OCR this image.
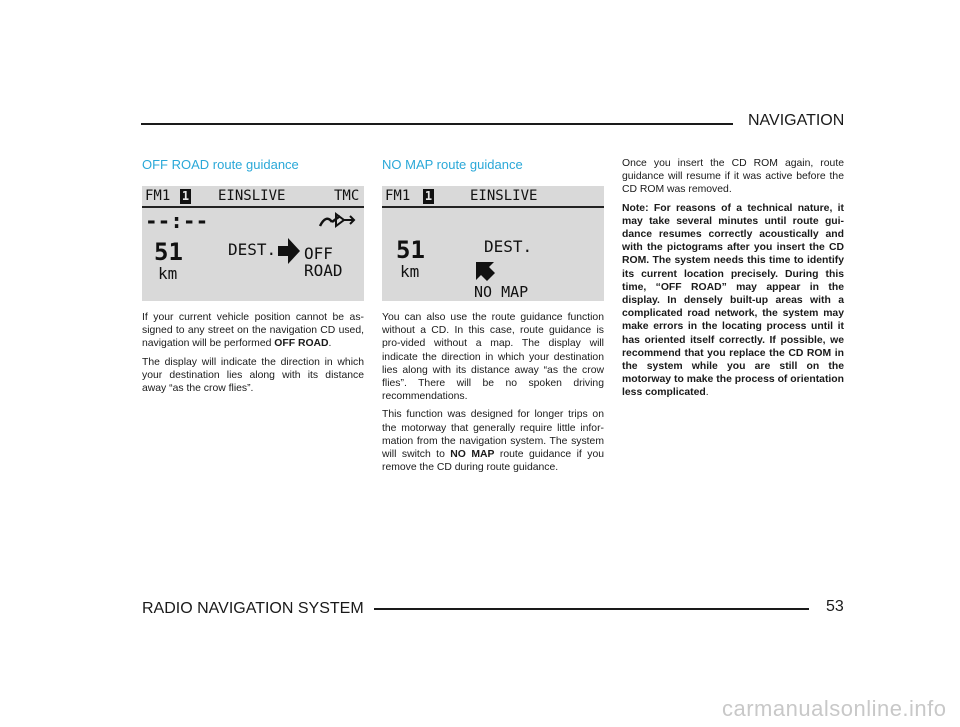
NAVIGATION
OFF ROAD route guidance
FM1 1 EINSLIVE	TMC
--:--
51
km
DEST. OFF
ROAD

If your current vehicle position cannot be as-signed to any street on the navigation CD used, navigation will be performed OFF ROAD.

The display will indicate the direction in which your destination lies along with its distance away “as the crow flies”.

NO MAP route guidance
FM1 1	EINSLIVE
51
km
DEST.
NO MAP

You can also use the route guidance function without a CD. In this case, route guidance is pro-vided without a map. The display will indicate the direction in which your destination lies along with its distance away “as the crow flies”. There will be no spoken driving recommendations.

This function was designed for longer trips on the motorway that generally require little infor-mation from the navigation system. The system will switch to NO MAP route guidance if you remove the CD during route guidance.

Once you insert the CD ROM again, route guidance will resume if it was active before the CD ROM was removed.

Note: For reasons of a technical nature, it may take several minutes until route gui-dance resumes correctly acoustically and with the pictograms after you insert the CD ROM. The system needs this time to identify its current location precisely. During this time, “OFF ROAD” may appear in the display. In densely built-up areas with a complicated road network, the system may make errors in the locating process until it has oriented itself correctly. If possible, we recommend that you replace the CD ROM in the system while you are still on the motorway to make the process of orientation less complicated.

RADIO NAVIGATION SYSTEM	53
carmanualsonline.info
